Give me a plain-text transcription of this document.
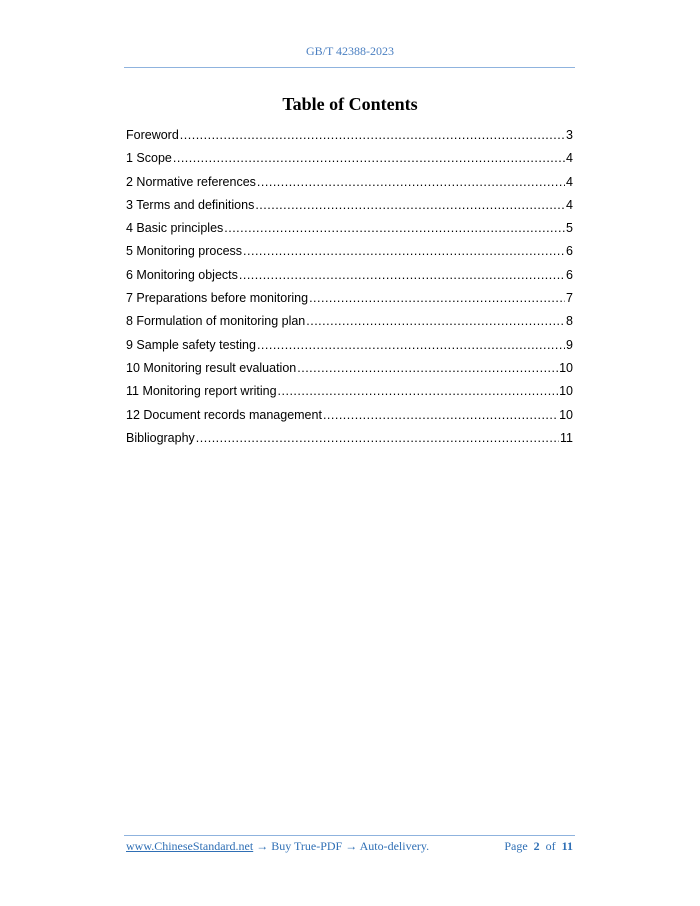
GB/T 42388-2023
Table of Contents
Foreword .....	3
1 Scope .....	4
2 Normative references .....	4
3 Terms and definitions .....	4
4 Basic principles .....	5
5 Monitoring process .....	6
6 Monitoring objects .....	6
7 Preparations before monitoring .....	7
8 Formulation of monitoring plan .....	8
9 Sample safety testing .....	9
10 Monitoring result evaluation .....	10
11 Monitoring report writing .....	10
12 Document records management .....	10
Bibliography .....	11
www.ChineseStandard.net → Buy True-PDF → Auto-delivery.	Page 2 of 11
